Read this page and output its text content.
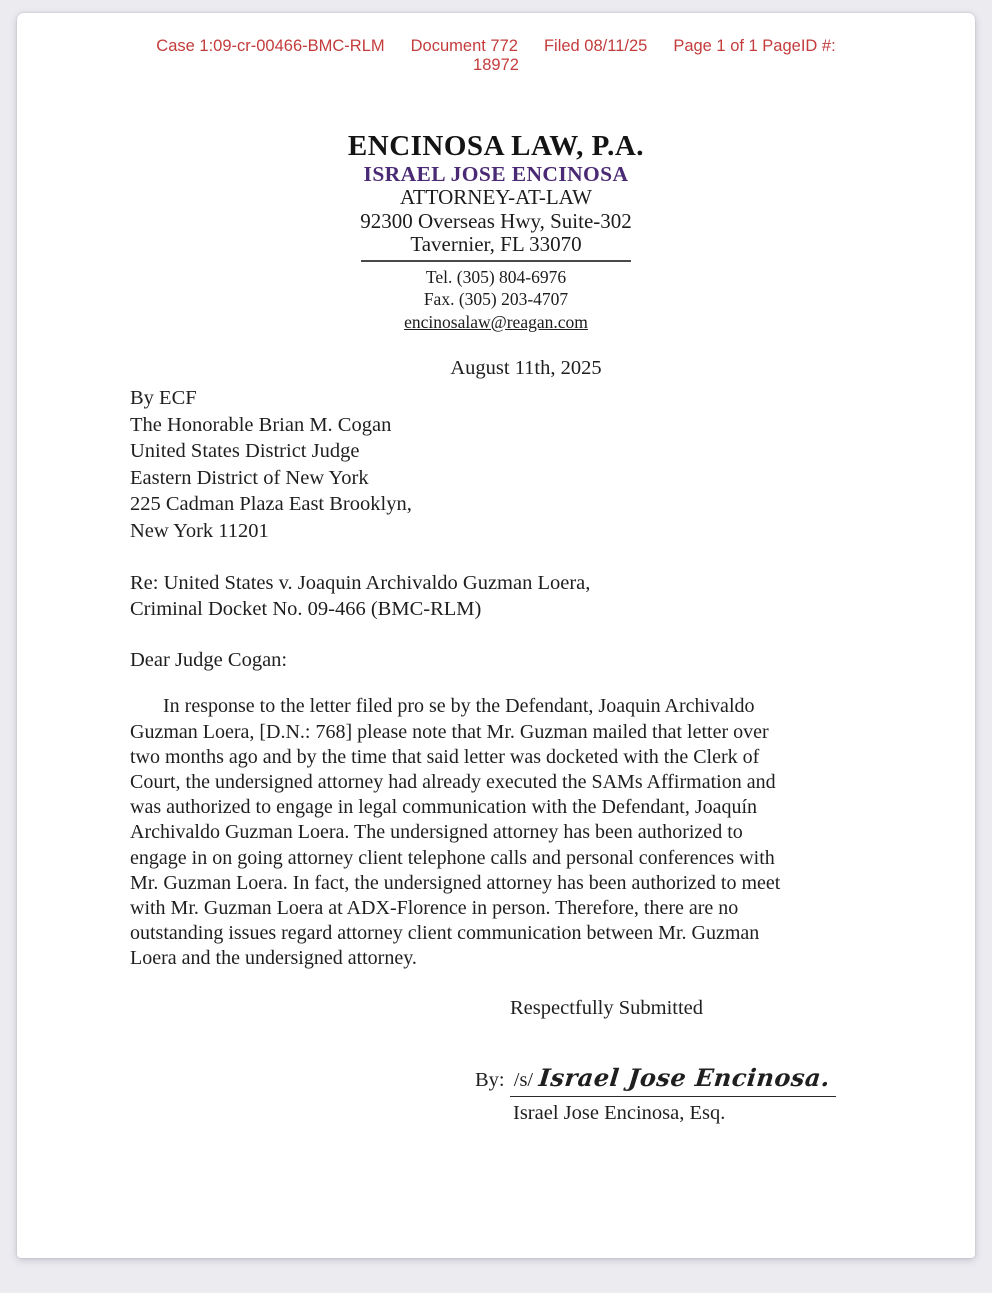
Case 1:09-cr-00466-BMC-RLM Document 772 Filed 08/11/25 Page 1 of 1 PageID #:
18972
ENCINOSA LAW, P.A.
ISRAEL JOSE ENCINOSA
ATTORNEY-AT-LAW
92300 Overseas Hwy, Suite-302
Tavernier, FL 33070
Tel. (305) 804-6976
Fax. (305) 203-4707
encinosalaw@reagan.com
August 11th, 2025
By ECF
The Honorable Brian M. Cogan
United States District Judge
Eastern District of New York
225 Cadman Plaza East Brooklyn,
New York 11201
Re: United States v. Joaquin Archivaldo Guzman Loera,
Criminal Docket No. 09-466 (BMC-RLM)
Dear Judge Cogan:
In response to the letter filed pro se by the Defendant, Joaquin Archivaldo
Guzman Loera, [D.N.: 768] please note that Mr. Guzman mailed that letter over
two months ago and by the time that said letter was docketed with the Clerk of
Court, the undersigned attorney had already executed the SAMs Affirmation and
was authorized to engage in legal communication with the Defendant, Joaquín
Archivaldo Guzman Loera. The undersigned attorney has been authorized to
engage in on going attorney client telephone calls and personal conferences with
Mr. Guzman Loera. In fact, the undersigned attorney has been authorized to meet
with Mr. Guzman Loera at ADX-Florence in person. Therefore, there are no
outstanding issues regard attorney client communication between Mr. Guzman
Loera and the undersigned attorney.
Respectfully Submitted
By: /s/ Israel Jose Encinosa.
Israel Jose Encinosa, Esq.
